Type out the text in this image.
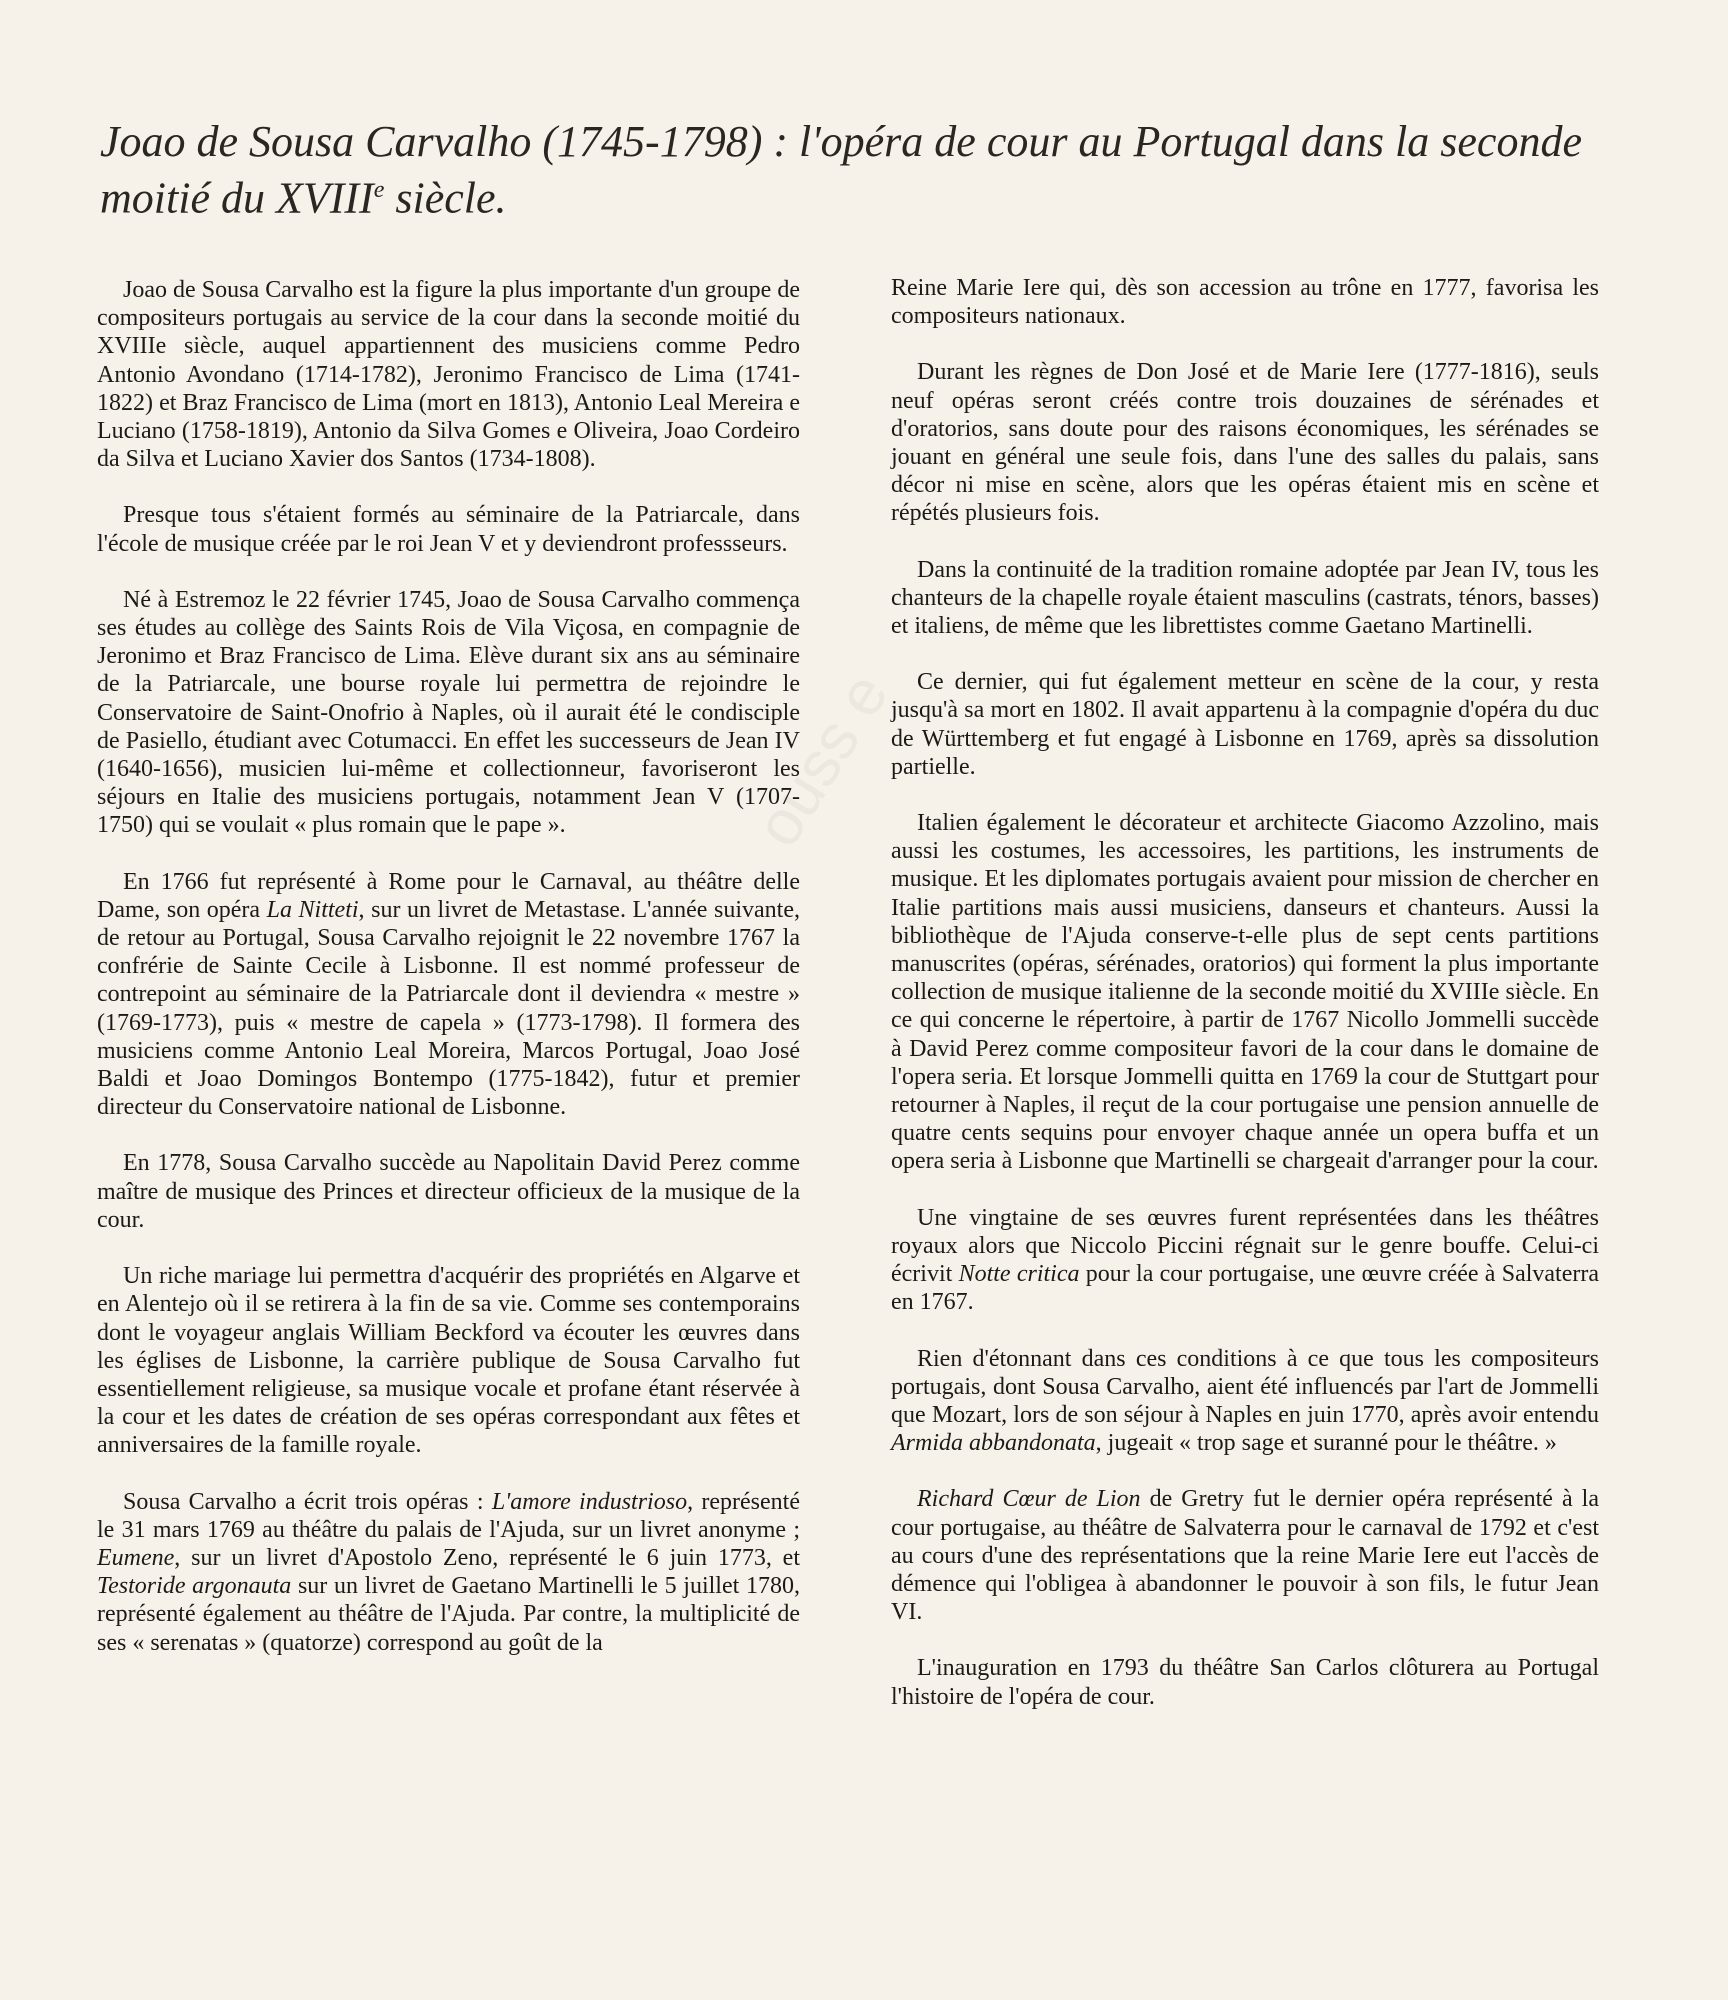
ouss e
Joao de Sousa Carvalho (1745-1798) : l'opéra de cour au Portugal dans la seconde moitié du XVIIIe siècle.

Joao de Sousa Carvalho est la figure la plus importante d'un groupe de compositeurs portugais au service de la cour dans la seconde moitié du XVIIIe siècle, auquel appartiennent des musiciens comme Pedro Antonio Avondano (1714-1782), Jeronimo Francisco de Lima (1741-1822) et Braz Francisco de Lima (mort en 1813), Antonio Leal Mereira e Luciano (1758-1819), Antonio da Silva Gomes e Oliveira, Joao Cordeiro da Silva et Luciano Xavier dos Santos (1734-1808).

Presque tous s'étaient formés au séminaire de la Patriarcale, dans l'école de musique créée par le roi Jean V et y deviendront professseurs.

Né à Estremoz le 22 février 1745, Joao de Sousa Carvalho commença ses études au collège des Saints Rois de Vila Viçosa, en compagnie de Jeronimo et Braz Francisco de Lima. Elève durant six ans au séminaire de la Patriarcale, une bourse royale lui permettra de rejoindre le Conservatoire de Saint-Onofrio à Naples, où il aurait été le condisciple de Pasiello, étudiant avec Cotumacci. En effet les successeurs de Jean IV (1640-1656), musicien lui-même et collectionneur, favoriseront les séjours en Italie des musiciens portugais, notamment Jean V (1707-1750) qui se voulait « plus romain que le pape ».

En 1766 fut représenté à Rome pour le Carnaval, au théâtre delle Dame, son opéra La Nitteti, sur un livret de Metastase. L'année suivante, de retour au Portugal, Sousa Carvalho rejoignit le 22 novembre 1767 la confrérie de Sainte Cecile à Lisbonne. Il est nommé professeur de contrepoint au séminaire de la Patriarcale dont il deviendra « mestre » (1769-1773), puis « mestre de capela » (1773-1798). Il formera des musiciens comme Antonio Leal Moreira, Marcos Portugal, Joao José Baldi et Joao Domingos Bontempo (1775-1842), futur et premier directeur du Conservatoire national de Lisbonne.

En 1778, Sousa Carvalho succède au Napolitain David Perez comme maître de musique des Princes et directeur officieux de la musique de la cour.

Un riche mariage lui permettra d'acquérir des propriétés en Algarve et en Alentejo où il se retirera à la fin de sa vie. Comme ses contemporains dont le voyageur anglais William Beckford va écouter les œuvres dans les églises de Lisbonne, la carrière publique de Sousa Carvalho fut essentiellement religieuse, sa musique vocale et profane étant réservée à la cour et les dates de création de ses opéras correspondant aux fêtes et anniversaires de la famille royale.

Sousa Carvalho a écrit trois opéras : L'amore industrioso, représenté le 31 mars 1769 au théâtre du palais de l'Ajuda, sur un livret anonyme ; Eumene, sur un livret d'Apostolo Zeno, représenté le 6 juin 1773, et Testoride argonauta sur un livret de Gaetano Martinelli le 5 juillet 1780, représenté également au théâtre de l'Ajuda. Par contre, la multiplicité de ses « serenatas » (quatorze) correspond au goût de la

Reine Marie Iere qui, dès son accession au trône en 1777, favorisa les compositeurs nationaux.

Durant les règnes de Don José et de Marie Iere (1777-1816), seuls neuf opéras seront créés contre trois douzaines de sérénades et d'oratorios, sans doute pour des raisons économiques, les sérénades se jouant en général une seule fois, dans l'une des salles du palais, sans décor ni mise en scène, alors que les opéras étaient mis en scène et répétés plusieurs fois.

Dans la continuité de la tradition romaine adoptée par Jean IV, tous les chanteurs de la chapelle royale étaient masculins (castrats, ténors, basses) et italiens, de même que les librettistes comme Gaetano Martinelli.

Ce dernier, qui fut également metteur en scène de la cour, y resta jusqu'à sa mort en 1802. Il avait appartenu à la compagnie d'opéra du duc de Württemberg et fut engagé à Lisbonne en 1769, après sa dissolution partielle.

Italien également le décorateur et architecte Giacomo Azzolino, mais aussi les costumes, les accessoires, les partitions, les instruments de musique. Et les diplomates portugais avaient pour mission de chercher en Italie partitions mais aussi musiciens, danseurs et chanteurs. Aussi la bibliothèque de l'Ajuda conserve-t-elle plus de sept cents partitions manuscrites (opéras, sérénades, oratorios) qui forment la plus importante collection de musique italienne de la seconde moitié du XVIIIe siècle. En ce qui concerne le répertoire, à partir de 1767 Nicollo Jommelli succède à David Perez comme compositeur favori de la cour dans le domaine de l'opera seria. Et lorsque Jommelli quitta en 1769 la cour de Stuttgart pour retourner à Naples, il reçut de la cour portugaise une pension annuelle de quatre cents sequins pour envoyer chaque année un opera buffa et un opera seria à Lisbonne que Martinelli se chargeait d'arranger pour la cour.

Une vingtaine de ses œuvres furent représentées dans les théâtres royaux alors que Niccolo Piccini régnait sur le genre bouffe. Celui-ci écrivit Notte critica pour la cour portugaise, une œuvre créée à Salvaterra en 1767.

Rien d'étonnant dans ces conditions à ce que tous les compositeurs portugais, dont Sousa Carvalho, aient été influencés par l'art de Jommelli que Mozart, lors de son séjour à Naples en juin 1770, après avoir entendu Armida abbandonata, jugeait « trop sage et suranné pour le théâtre. »

Richard Cœur de Lion de Gretry fut le dernier opéra représenté à la cour portugaise, au théâtre de Salvaterra pour le carnaval de 1792 et c'est au cours d'une des représentations que la reine Marie Iere eut l'accès de démence qui l'obligea à abandonner le pouvoir à son fils, le futur Jean VI.

L'inauguration en 1793 du théâtre San Carlos clôturera au Portugal l'histoire de l'opéra de cour.
